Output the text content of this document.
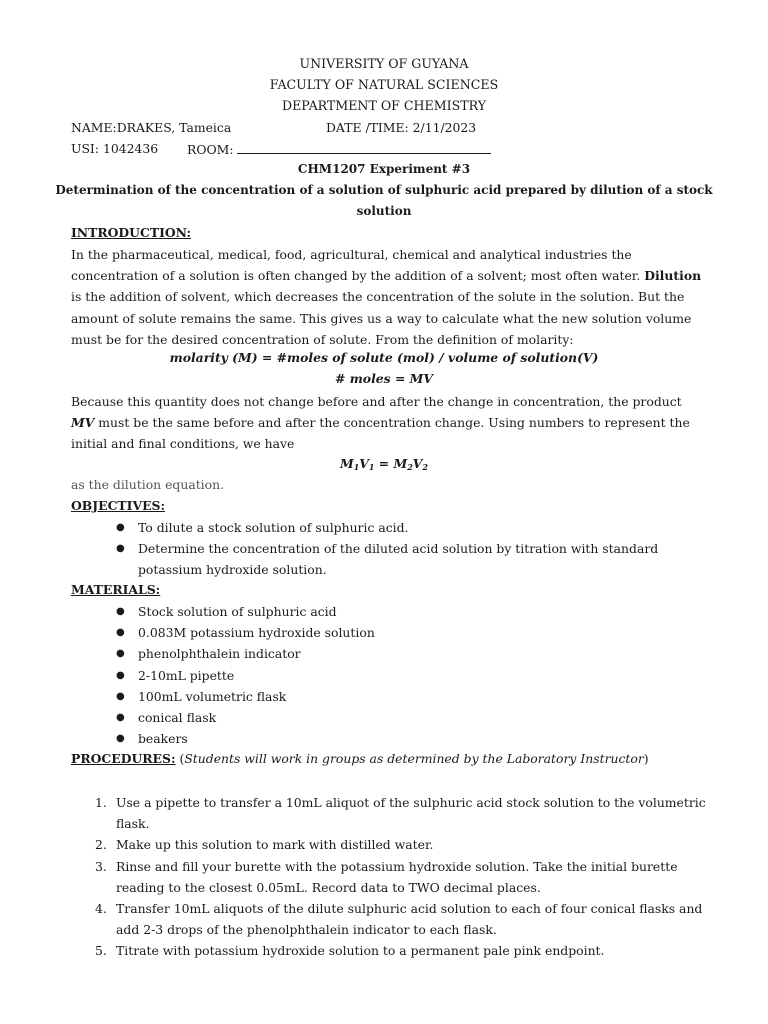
UNIVERSITY OF GUYANA
FACULTY OF NATURAL SCIENCES
DEPARTMENT OF CHEMISTRY
NAME:DRAKES, Tameica	DATE /TIME: 2/11/2023
USI: 1042436 ROOM:
CHM1207 Experiment #3
Determination of the concentration of a solution of sulphuric acid prepared by dilution of a stock
solution
INTRODUCTION:
In the pharmaceutical, medical, food, agricultural, chemical and analytical industries the concentration of a solution is often changed by the addition of a solvent; most often water. Dilution is the addition of solvent, which decreases the concentration of the solute in the solution. But the amount of solute remains the same. This gives us a way to calculate what the new solution volume must be for the desired concentration of solute. From the definition of molarity:
molarity (M) = #moles of solute (mol) / volume of solution(V)
# moles = MV
Because this quantity does not change before and after the change in concentration, the product
MV must be the same before and after the concentration change. Using numbers to represent the initial and final conditions, we have
$M_1V_1 = M_2V_2$
as the dilution equation.
OBJECTIVES:
● To dilute a stock solution of sulphuric acid.
● Determine the concentration of the diluted acid solution by titration with standard potassium hydroxide solution.
MATERIALS:
● Stock solution of sulphuric acid
● 0.083M potassium hydroxide solution
● phenolphthalein indicator
● 2-10mL pipette
● 100mL volumetric flask
● conical flask
● beakers
PROCEDURES: (Students will work in groups as determined by the Laboratory Instructor)
1. Use a pipette to transfer a 10mL aliquot of the sulphuric acid stock solution to the volumetric flask.
2. Make up this solution to mark with distilled water.
3. Rinse and fill your burette with the potassium hydroxide solution. Take the initial burette reading to the closest 0.05mL. Record data to TWO decimal places.
4. Transfer 10mL aliquots of the dilute sulphuric acid solution to each of four conical flasks and add 2-3 drops of the phenolphthalein indicator to each flask.
5. Titrate with potassium hydroxide solution to a permanent pale pink endpoint.
